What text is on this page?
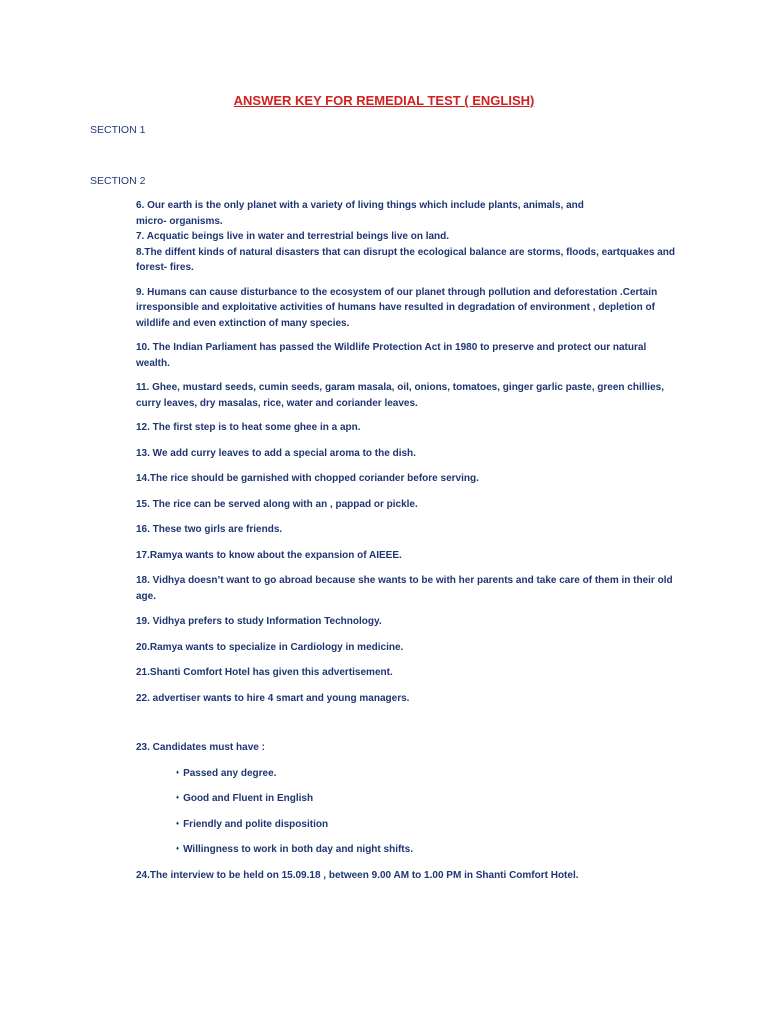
ANSWER KEY FOR REMEDIAL TEST ( ENGLISH)
SECTION 1
SECTION 2

6. Our earth is the only planet with a variety of living things which include plants, animals, and
micro- organisms.

7. Acquatic beings live in water and terrestrial beings live on land.

8.The diffent kinds of natural disasters that can disrupt the ecological balance are storms, floods, eartquakes and forest- fires.

9. Humans can cause disturbance to the ecosystem of our planet through pollution and deforestation .Certain irresponsible and exploitative activities of humans have resulted in degradation of environment , depletion of wildlife and even extinction of many species.

10. The Indian Parliament has passed the Wildlife Protection Act in 1980 to preserve and protect our natural wealth.

11. Ghee, mustard seeds, cumin seeds, garam masala, oil, onions, tomatoes, ginger garlic paste, green chillies, curry leaves, dry masalas, rice, water and coriander leaves.

12. The first step is to heat some ghee in a apn.

13. We add curry leaves to add a special aroma to the dish.

14.The rice should be garnished with chopped coriander before serving.

15. The rice can be served along with an , pappad or pickle.

16. These two girls are friends.

17.Ramya wants to know about the expansion of AIEEE.

18. Vidhya doesn’t want to go abroad because she wants to be with her parents and take care of them in their old age.

19. Vidhya prefers to study Information Technology.

20.Ramya wants to specialize in Cardiology in medicine.

21.Shanti Comfort Hotel has given this advertisement.

22. advertiser wants to hire 4 smart and young managers.

23. Candidates must have :

♦ Passed any degree.

♦ Good and Fluent in English

♦ Friendly and polite disposition

♦ Willingness to work in both day and night shifts.

24.The interview to be held on 15.09.18 , between 9.00 AM to 1.00 PM in Shanti Comfort Hotel.
